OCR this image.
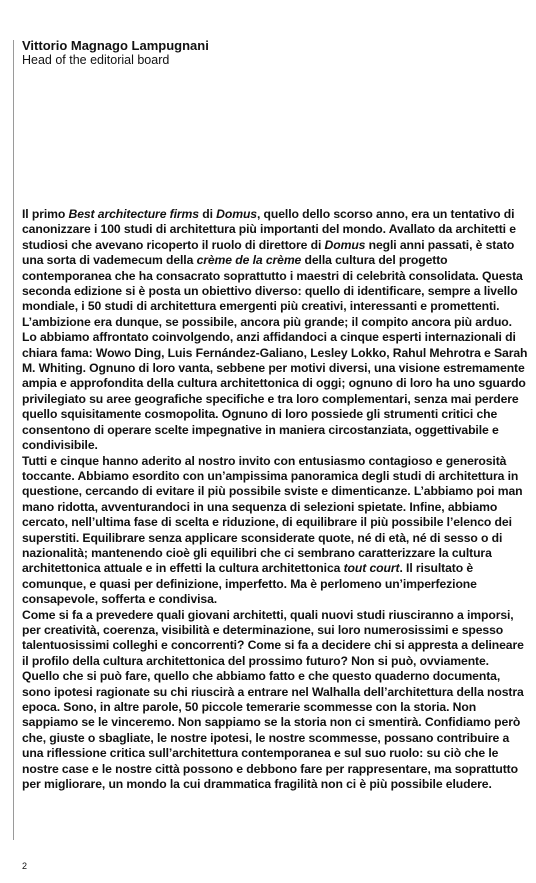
Vittorio Magnago Lampugnani
Head of the editorial board

Il primo Best architecture firms di Domus, quello dello scorso anno, era un tentativo di canonizzare i 100 studi di architettura più importanti del mondo. Avallato da architetti e studiosi che avevano ricoperto il ruolo di direttore di Domus negli anni passati, è stato una sorta di vademecum della crème de la crème della cultura del progetto contemporanea che ha consacrato soprattutto i maestri di celebrità consolidata. Questa seconda edizione si è posta un obiettivo diverso: quello di identificare, sempre a livello mondiale, i 50 studi di architettura emergenti più creativi, interessanti e promettenti. L’ambizione era dunque, se possibile, ancora più grande; il compito ancora più arduo. Lo abbiamo affrontato coinvolgendo, anzi affidandoci a cinque esperti internazionali di chiara fama: Wowo Ding, Luis Fernández-Galiano, Lesley Lokko, Rahul Mehrotra e Sarah M. Whiting. Ognuno di loro vanta, sebbene per motivi diversi, una visione estremamente ampia e approfondita della cultura architettonica di oggi; ognuno di loro ha uno sguardo privilegiato su aree geografiche specifiche e tra loro complementari, senza mai perdere quello squisitamente cosmopolita. Ognuno di loro possiede gli strumenti critici che consentono di operare scelte impegnative in maniera circostanziata, oggettivabile e condivisibile.

Tutti e cinque hanno aderito al nostro invito con entusiasmo contagioso e generosità toccante. Abbiamo esordito con un’ampissima panoramica degli studi di architettura in questione, cercando di evitare il più possibile sviste e dimenticanze. L’abbiamo poi man mano ridotta, avventurandoci in una sequenza di selezioni spietate. Infine, abbiamo cercato, nell’ultima fase di scelta e riduzione, di equilibrare il più possibile l’elenco dei superstiti. Equilibrare senza applicare sconsiderate quote, né di età, né di sesso o di nazionalità; mantenendo cioè gli equilibri che ci sembrano caratterizzare la cultura architettonica attuale e in effetti la cultura architettonica tout court. Il risultato è comunque, e quasi per definizione, imperfetto. Ma è perlomeno un’imperfezione consapevole, sofferta e condivisa.

Come si fa a prevedere quali giovani architetti, quali nuovi studi riusciranno a imporsi, per creatività, coerenza, visibilità e determinazione, sui loro numerosissimi e spesso talentuosissimi colleghi e concorrenti? Come si fa a decidere chi si appresta a delineare il profilo della cultura architettonica del prossimo futuro? Non si può, ovviamente. Quello che si può fare, quello che abbiamo fatto e che questo quaderno documenta, sono ipotesi ragionate su chi riuscirà a entrare nel Walhalla dell’architettura della nostra epoca. Sono, in altre parole, 50 piccole temerarie scommesse con la storia. Non sappiamo se le vinceremo. Non sappiamo se la storia non ci smentirà. Confidiamo però che, giuste o sbagliate, le nostre ipotesi, le nostre scommesse, possano contribuire a una riflessione critica sull’architettura contemporanea e sul suo ruolo: su ciò che le nostre case e le nostre città possono e debbono fare per rappresentare, ma soprattutto per migliorare, un mondo la cui drammatica fragilità non ci è più possibile eludere.

2
